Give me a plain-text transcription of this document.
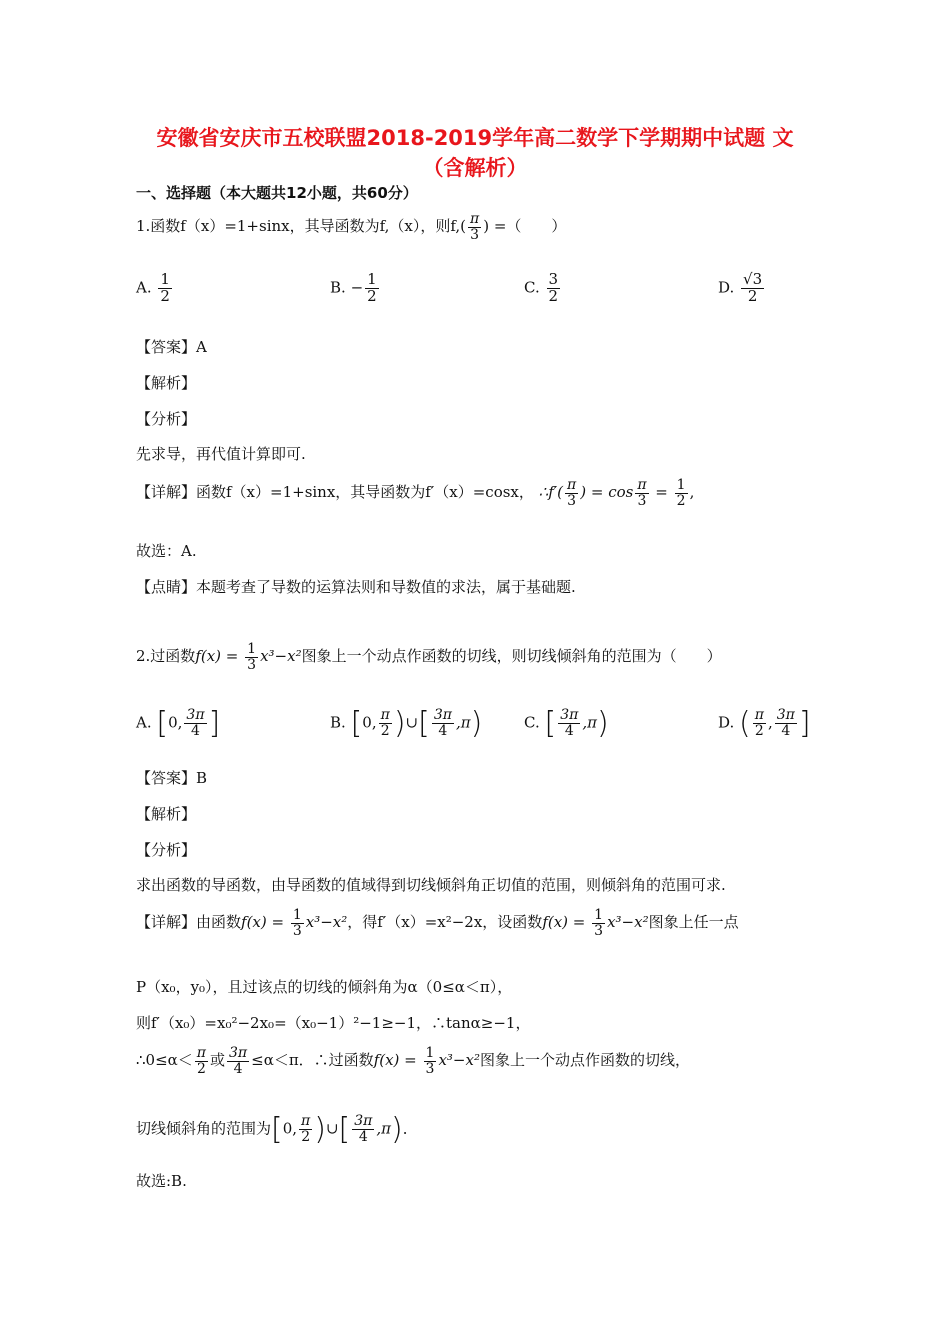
安徽省安庆市五校联盟2018-2019学年高二数学下学期期中试题 文
（含解析）
一、选择题（本大题共12小题，共60分）
1.函数f（x）=1+sinx，其导函数为f,（x），则$f,( \frac{\pi}{3}$ ) =（　　）
A. $\frac{1}{2}$	B. − $\frac{1}{2}$	C. $\frac{3}{2}$	D. $\frac{√3}{2}$
【答案】A
【解析】
【分析】
先求导，再代值计算即可.
【详解】函数f（x）=1+sinx，其导函数为f′（x）=cosx， ∴f′( $\frac{\pi}{3}$ ) = $\cos \frac{\pi}{3} = \frac{1}{2}$ ,
故选：A.
【点睛】本题考查了导数的运算法则和导数值的求法，属于基础题.
2.过函数$f(x) = \frac{1}{3} x^3-x^2$图象上一个动点作函数的切线，则切线倾斜角的范围为（　　）
A. [0, $\frac{3\pi}{4}$ ]	B. [0, $\frac{\pi}{2}$ )∪[ $\frac{3\pi}{4} ,\pi$)	C. [ $\frac{3\pi}{4} ,\pi$)	D. ( $\frac{\pi}{2}$ , $\frac{3\pi}{4}$ ]
【答案】B
【解析】
【分析】
求出函数的导函数，由导函数的值域得到切线倾斜角正切值的范围，则倾斜角的范围可求.
【详解】由函数$f(x) = \frac{1}{3} x^3-x^2$，得f′（x）=x²−2x，设函数$f(x) = \frac{1}{3} x^3-x^2$图象上任一点
P（x₀，y₀），且过该点的切线的倾斜角为α（0≤α＜π），
则f′（x₀）=x₀²−2x₀=（x₀−1）²−1≥−1，∴tanα≥−1，
∴0≤α＜ $\frac{\pi}{2}$ 或 $\frac{3\pi}{4} \le\alpha<\pi$．∴过函数$f(x) = \frac{1}{3} x^3-x^2$图象上一个动点作函数的切线，
切线倾斜角的范围为[0, $\frac{\pi}{2}$ )∪[ $\frac{3\pi}{4} ,\pi$)．
故选:B.
